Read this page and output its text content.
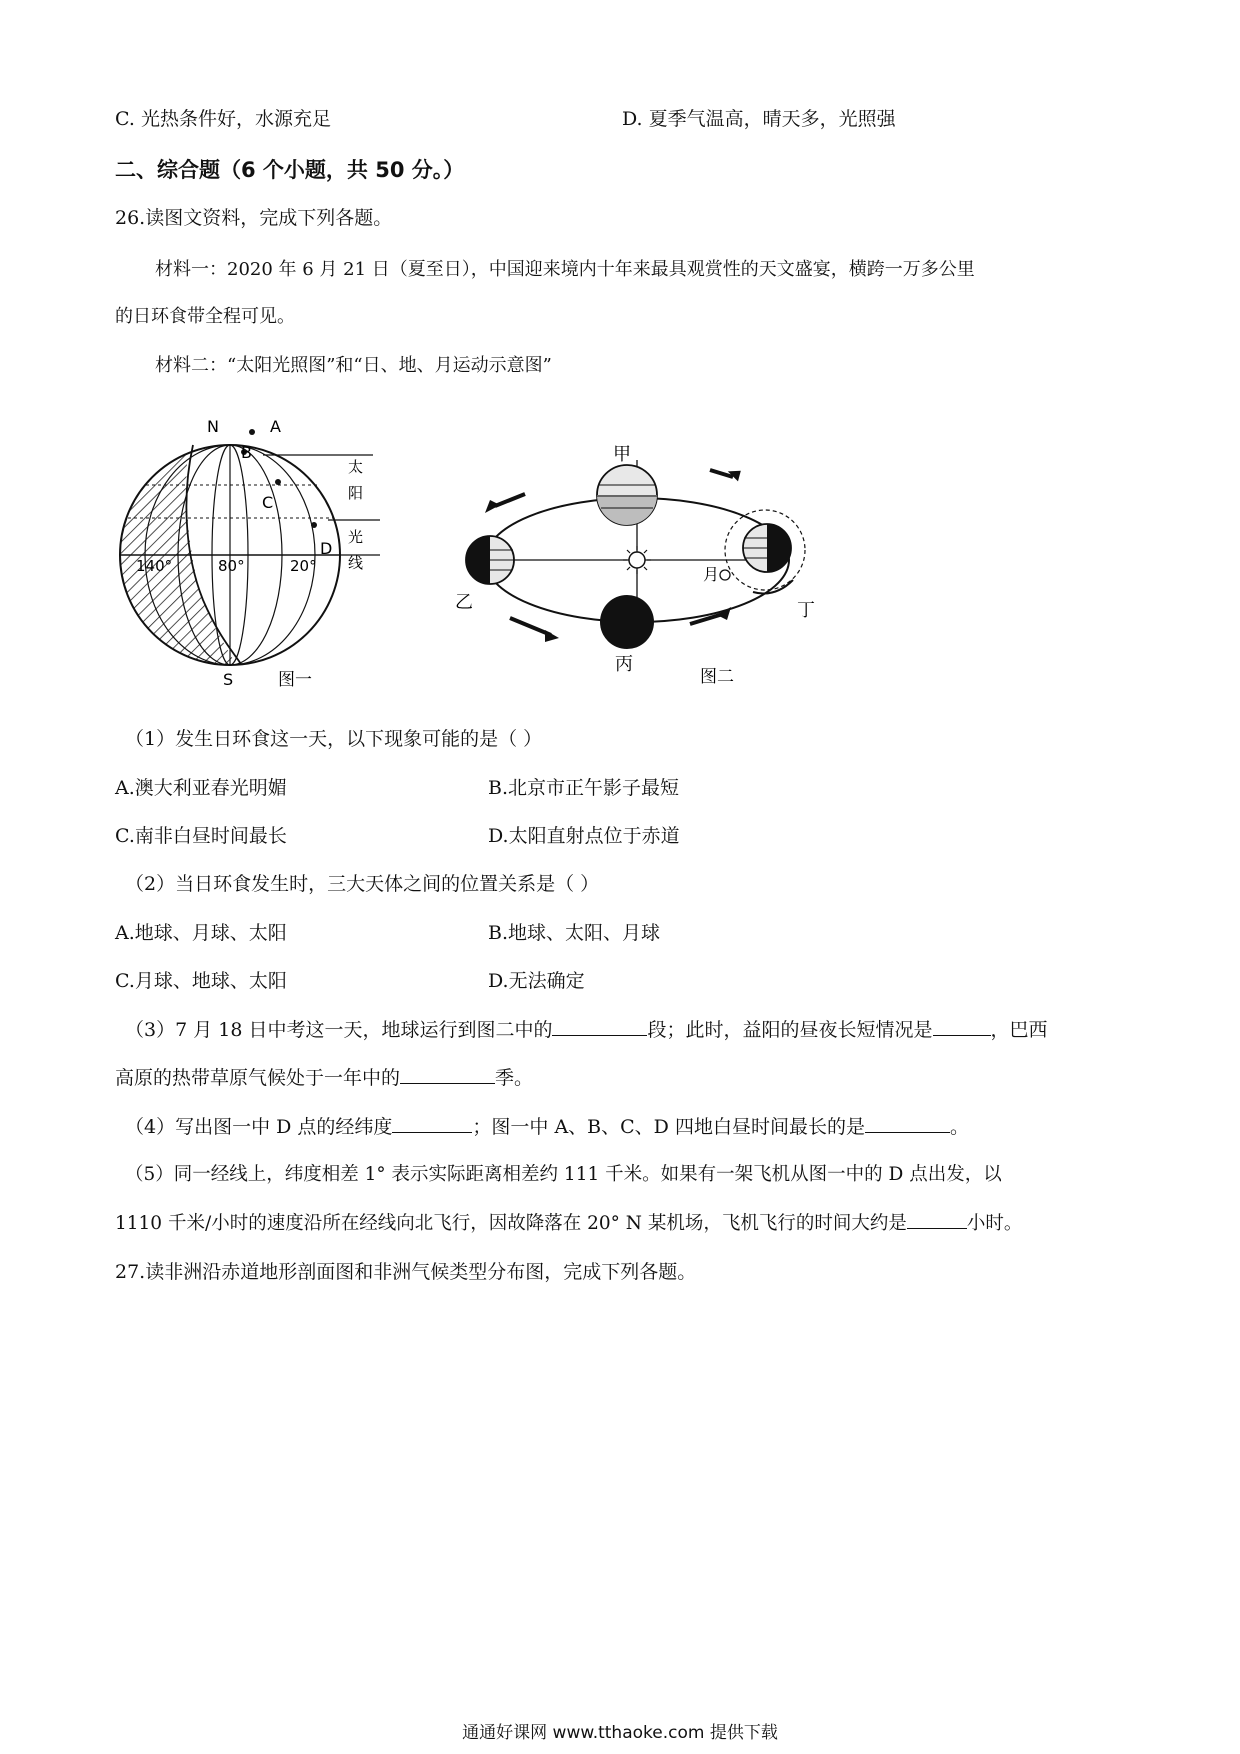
C. 光热条件好，水源充足	D. 夏季气温高，晴天多，光照强
二、综合题（6 个小题，共 50 分。）
26.读图文资料，完成下列各题。
材料一：2020 年 6 月 21 日（夏至日），中国迎来境内十年来最具观赏性的天文盛宴，横跨一万多公里
的日环食带全程可见。
材料二：“太阳光照图”和“日、地、月运动示意图”
N
S
A
B
C
D
140°	80°	20°
太
阳
光
线
图一
甲
乙
丙
丁
月
图二
（1）发生日环食这一天，以下现象可能的是（ ）
A.澳大利亚春光明媚	B.北京市正午影子最短
C.南非白昼时间最长	D.太阳直射点位于赤道
（2）当日环食发生时，三大天体之间的位置关系是（ ）
A.地球、月球、太阳	B.地球、太阳、月球
C.月球、地球、太阳	D.无法确定
（3）7 月 18 日中考这一天，地球运行到图二中的	段；此时，益阳的昼夜长短情况是	，巴西
高原的热带草原气候处于一年中的	季。
（4）写出图一中 D 点的经纬度	；图一中 A、B、C、D 四地白昼时间最长的是	。
（5）同一经线上，纬度相差 1° 表示实际距离相差约 111 千米。如果有一架飞机从图一中的 D 点出发，以
1110 千米/小时的速度沿所在经线向北飞行，因故降落在 20° N 某机场，飞机飞行的时间大约是	小时。
27.读非洲沿赤道地形剖面图和非洲气候类型分布图，完成下列各题。
通通好课网 www.tthaoke.com 提供下载
